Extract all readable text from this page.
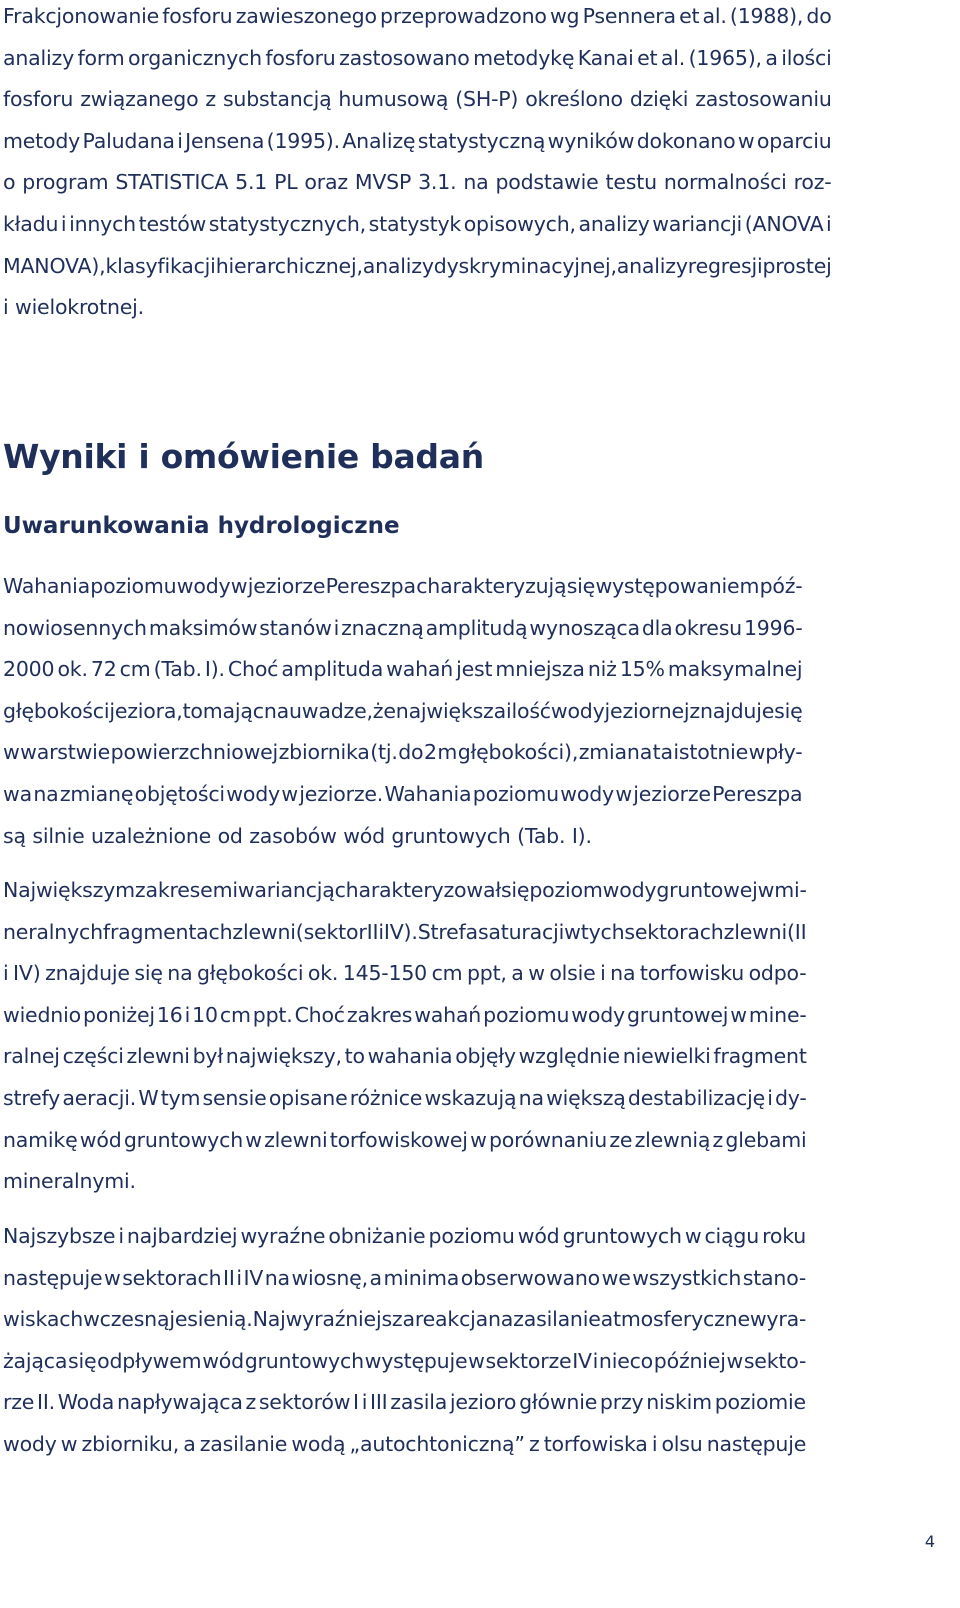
Frakcjonowanie fosforu zawieszonego przeprowadzono wg Psennera et al. (1988), do
analizy form organicznych fosforu zastosowano metodykę Kanai et al. (1965), a ilości
fosforu związanego z substancją humusową (SH-P) określono dzięki zastosowaniu
metody Paludana i Jensena (1995). Analizę statystyczną wyników dokonano w oparciu
o program STATISTICA 5.1 PL oraz MVSP 3.1. na podstawie testu normalności roz-
kładu i innych testów statystycznych, statystyk opisowych, analizy wariancji (ANOVA i
MANOVA), klasyfikacji hierarchicznej, analizy dyskryminacyjnej, analizy regresji prostej
i wielokrotnej.
Wyniki i omówienie badań
Uwarunkowania hydrologiczne
Wahania poziomu wody w jeziorze Pereszpa charakteryzują się występowaniem póź-
nowiosennych maksimów stanów i znaczną amplitudą wynosząca dla okresu 1996-
2000 ok. 72 cm (Tab. I). Choć amplituda wahań jest mniejsza niż 15% maksymalnej
głębokości jeziora, to mając na uwadze, że największa ilość wody jeziornej znajduje się
w warstwie powierzchniowej zbiornika (tj. do 2 m głębokości), zmiana ta istotnie wpły-
wa na zmianę objętości wody w jeziorze. Wahania poziomu wody w jeziorze Pereszpa
są silnie uzależnione od zasobów wód gruntowych (Tab. I).
Największym zakresem i wariancją charakteryzował się poziom wody gruntowej w mi-
neralnych fragmentach zlewni (sektor II i IV). Strefa saturacji w tych sektorach zlewni (II
i IV) znajduje się na głębokości ok. 145-150 cm ppt, a w olsie i na torfowisku odpo-
wiednio poniżej 16 i 10 cm ppt. Choć zakres wahań poziomu wody gruntowej w mine-
ralnej części zlewni był największy, to wahania objęły względnie niewielki fragment
strefy aeracji. W tym sensie opisane różnice wskazują na większą destabilizację i dy-
namikę wód gruntowych w zlewni torfowiskowej w porównaniu ze zlewnią z glebami
mineralnymi.
Najszybsze i najbardziej wyraźne obniżanie poziomu wód gruntowych w ciągu roku
następuje w sektorach II i IV na wiosnę, a minima obserwowano we wszystkich stano-
wiskach wczesną jesienią. Najwyraźniejsza reakcja na zasilanie atmosferyczne wyra-
żająca się odpływem wód gruntowych występuje w sektorze IV i nieco później w sekto-
rze II. Woda napływająca z sektorów I i III zasila jezioro głównie przy niskim poziomie
wody w zbiorniku, a zasilanie wodą „autochtoniczną” z torfowiska i olsu następuje
4
